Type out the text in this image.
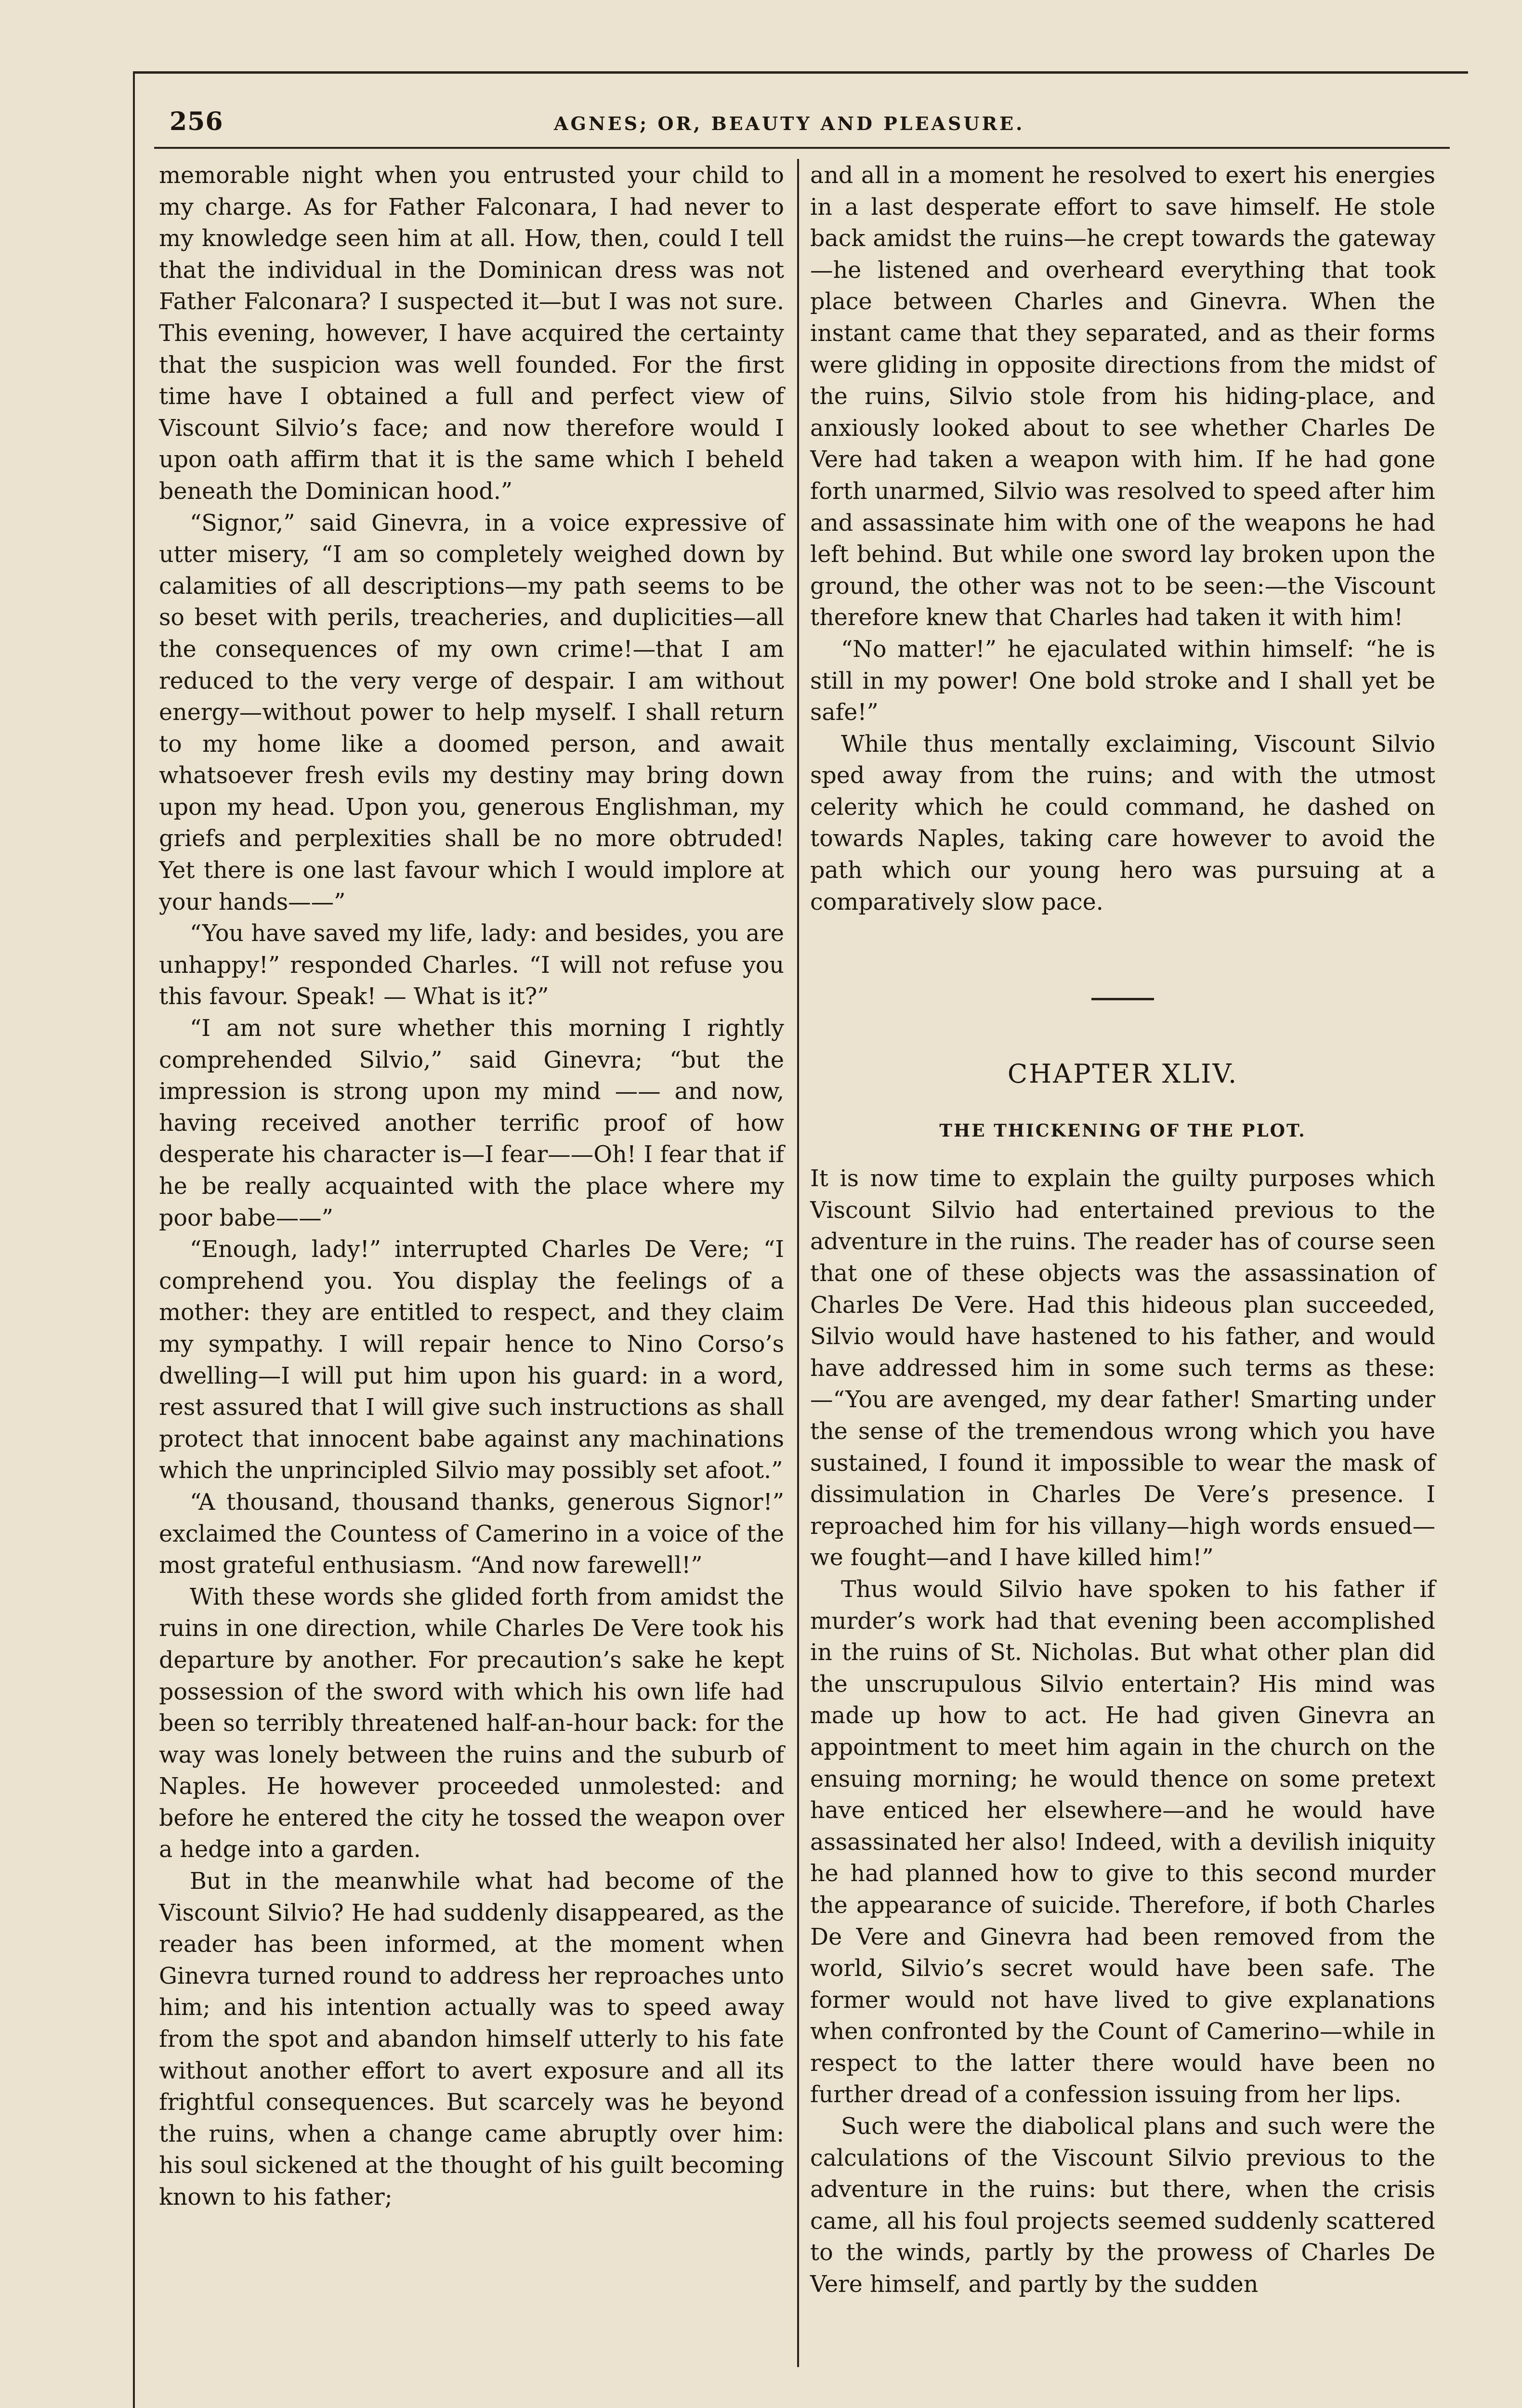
256	AGNES; OR, BEAUTY AND PLEASURE.

memorable night when you entrusted your child to my charge. As for Father Falconara, I had never to my knowledge seen him at all. How, then, could I tell that the individual in the Dominican dress was not Father Falconara? I suspected it—but I was not sure. This evening, however, I have acquired the certainty that the suspicion was well founded. For the first time have I obtained a full and perfect view of Viscount Silvio’s face; and now therefore would I upon oath affirm that it is the same which I beheld beneath the Dominican hood.”

“Signor,” said Ginevra, in a voice expressive of utter misery, “I am so completely weighed down by calamities of all descriptions—my path seems to be so beset with perils, treacheries, and duplicities—all the consequences of my own crime!—that I am reduced to the very verge of despair. I am without energy—without power to help myself. I shall return to my home like a doomed person, and await whatsoever fresh evils my destiny may bring down upon my head. Upon you, generous Englishman, my griefs and perplexities shall be no more obtruded! Yet there is one last favour which I would implore at your hands——”

“You have saved my life, lady: and besides, you are unhappy!” responded Charles. “I will not refuse you this favour. Speak! — What is it?”

“I am not sure whether this morning I rightly comprehended Silvio,” said Ginevra; “but the impression is strong upon my mind —— and now, having received another terrific proof of how desperate his character is—I fear——Oh! I fear that if he be really acquainted with the place where my poor babe——”

“Enough, lady!” interrupted Charles De Vere; “I comprehend you. You display the feelings of a mother: they are entitled to respect, and they claim my sympathy. I will repair hence to Nino Corso’s dwelling—I will put him upon his guard: in a word, rest assured that I will give such instructions as shall protect that innocent babe against any machinations which the unprincipled Silvio may possibly set afoot.”

“A thousand, thousand thanks, generous Signor!” exclaimed the Countess of Camerino in a voice of the most grateful enthusiasm. “And now farewell!”

With these words she glided forth from amidst the ruins in one direction, while Charles De Vere took his departure by another. For precaution’s sake he kept possession of the sword with which his own life had been so terribly threatened half-an-hour back: for the way was lonely between the ruins and the suburb of Naples. He however proceeded unmolested: and before he entered the city he tossed the weapon over a hedge into a garden.

But in the meanwhile what had become of the Viscount Silvio? He had suddenly disappeared, as the reader has been informed, at the moment when Ginevra turned round to address her reproaches unto him; and his intention actually was to speed away from the spot and abandon himself utterly to his fate without another effort to avert exposure and all its frightful consequences. But scarcely was he beyond the ruins, when a change came abruptly over him: his soul sickened at the thought of his guilt becoming known to his father;

and all in a moment he resolved to exert his energies in a last desperate effort to save himself. He stole back amidst the ruins—he crept towards the gateway—he listened and overheard everything that took place between Charles and Ginevra. When the instant came that they separated, and as their forms were gliding in opposite directions from the midst of the ruins, Silvio stole from his hiding-place, and anxiously looked about to see whether Charles De Vere had taken a weapon with him. If he had gone forth unarmed, Silvio was resolved to speed after him and assassinate him with one of the weapons he had left behind. But while one sword lay broken upon the ground, the other was not to be seen:—the Viscount therefore knew that Charles had taken it with him!

“No matter!” he ejaculated within himself: “he is still in my power! One bold stroke and I shall yet be safe!”

While thus mentally exclaiming, Viscount Silvio sped away from the ruins; and with the utmost celerity which he could command, he dashed on towards Naples, taking care however to avoid the path which our young hero was pursuing at a comparatively slow pace.

CHAPTER XLIV.
THE THICKENING OF THE PLOT.

It is now time to explain the guilty purposes which Viscount Silvio had entertained previous to the adventure in the ruins. The reader has of course seen that one of these objects was the assassination of Charles De Vere. Had this hideous plan succeeded, Silvio would have hastened to his father, and would have addressed him in some such terms as these:—“You are avenged, my dear father! Smarting under the sense of the tremendous wrong which you have sustained, I found it impossible to wear the mask of dissimulation in Charles De Vere’s presence. I reproached him for his villany—high words ensued—we fought—and I have killed him!”

Thus would Silvio have spoken to his father if murder’s work had that evening been accomplished in the ruins of St. Nicholas. But what other plan did the unscrupulous Silvio entertain? His mind was made up how to act. He had given Ginevra an appointment to meet him again in the church on the ensuing morning; he would thence on some pretext have enticed her elsewhere—and he would have assassinated her also! Indeed, with a devilish iniquity he had planned how to give to this second murder the appearance of suicide. Therefore, if both Charles De Vere and Ginevra had been removed from the world, Silvio’s secret would have been safe. The former would not have lived to give explanations when confronted by the Count of Camerino—while in respect to the latter there would have been no further dread of a confession issuing from her lips.

Such were the diabolical plans and such were the calculations of the Viscount Silvio previous to the adventure in the ruins: but there, when the crisis came, all his foul projects seemed suddenly scattered to the winds, partly by the prowess of Charles De Vere himself, and partly by the sudden
